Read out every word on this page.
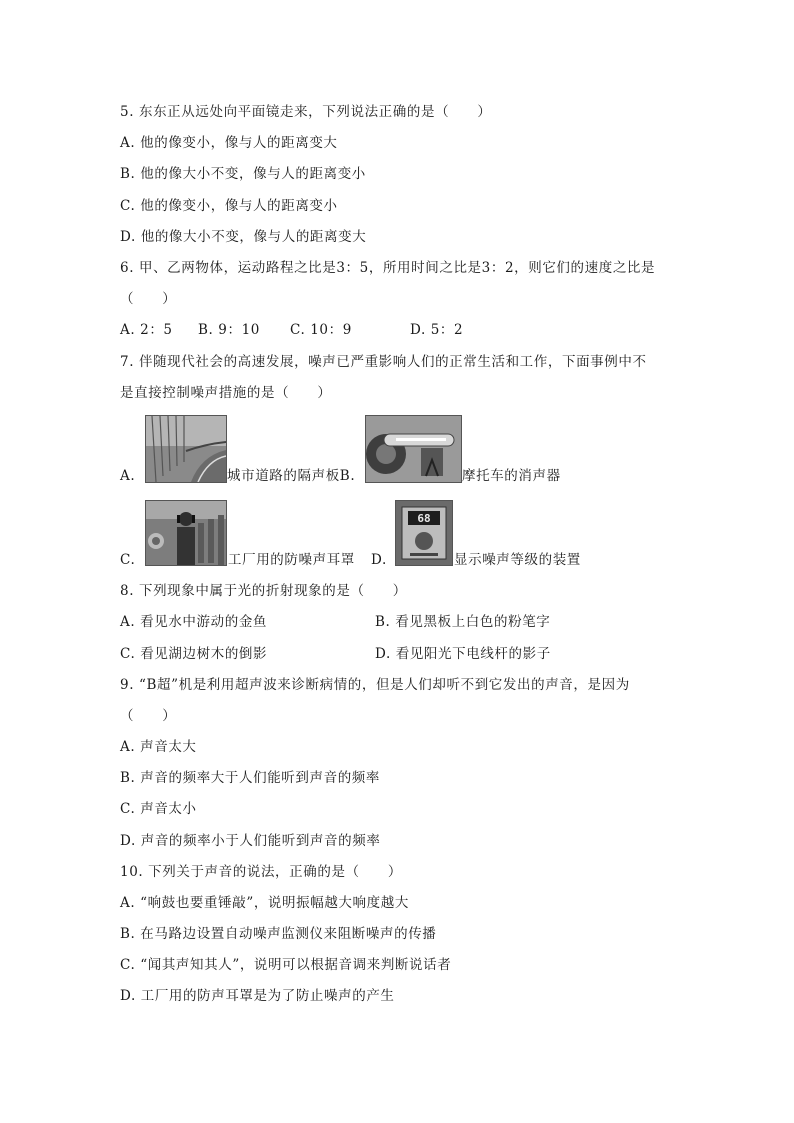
5. 东东正从远处向平面镜走来，下列说法正确的是（　　）
A. 他的像变小，像与人的距离变大
B. 他的像大小不变，像与人的距离变小
C. 他的像变小，像与人的距离变小
D. 他的像大小不变，像与人的距离变大
6. 甲、乙两物体，运动路程之比是3：5，所用时间之比是3：2，则它们的速度之比是
（　　）
A. 2：5 B. 9：10 C. 10：9	D. 5：2
7. 伴随现代社会的高速发展，噪声已严重影响人们的正常生活和工作，下面事例中不
是直接控制噪声措施的是（　　）
A.	城市道路的隔声板B.	摩托车的消声器
C.	工厂用的防噪声耳罩 D.
68
显示噪声等级的装置
8. 下列现象中属于光的折射现象的是（　　）
A. 看见水中游动的金鱼	B. 看见黑板上白色的粉笔字
C. 看见湖边树木的倒影	D. 看见阳光下电线杆的影子
9. “B超”机是利用超声波来诊断病情的，但是人们却听不到它发出的声音，是因为
（　　）
A. 声音太大
B. 声音的频率大于人们能听到声音的频率
C. 声音太小
D. 声音的频率小于人们能听到声音的频率
10. 下列关于声音的说法，正确的是（　　）
A. “响鼓也要重锤敲”，说明振幅越大响度越大
B. 在马路边设置自动噪声监测仪来阻断噪声的传播
C. “闻其声知其人”，说明可以根据音调来判断说话者
D. 工厂用的防声耳罩是为了防止噪声的产生
